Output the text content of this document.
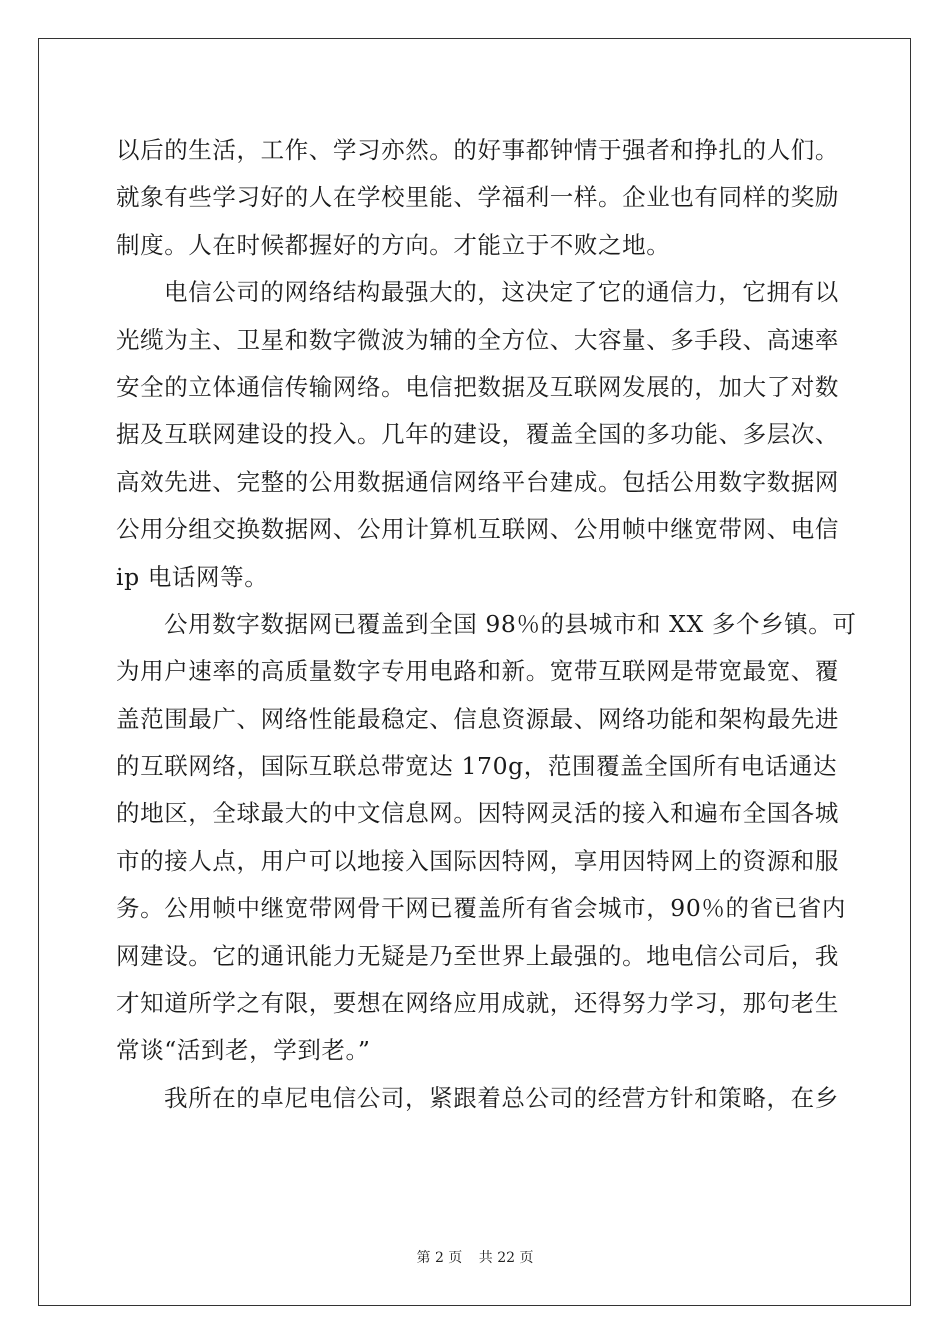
以后的生活，工作、学习亦然。的好事都钟情于强者和挣扎的人们。
就象有些学习好的人在学校里能、学福利一样。企业也有同样的奖励
制度。人在时候都握好的方向。才能立于不败之地。
电信公司的网络结构最强大的，这决定了它的通信力，它拥有以
光缆为主、卫星和数字微波为辅的全方位、大容量、多手段、高速率
安全的立体通信传输网络。电信把数据及互联网发展的，加大了对数
据及互联网建设的投入。几年的建设，覆盖全国的多功能、多层次、
高效先进、完整的公用数据通信网络平台建成。包括公用数字数据网
公用分组交换数据网、公用计算机互联网、公用帧中继宽带网、电信
ip 电话网等。
公用数字数据网已覆盖到全国 98％的县城市和 XX 多个乡镇。可
为用户速率的高质量数字专用电路和新。宽带互联网是带宽最宽、覆
盖范围最广、网络性能最稳定、信息资源最、网络功能和架构最先进
的互联网络，国际互联总带宽达 170g，范围覆盖全国所有电话通达
的地区，全球最大的中文信息网。因特网灵活的接入和遍布全国各城
市的接人点，用户可以地接入国际因特网，享用因特网上的资源和服
务。公用帧中继宽带网骨干网已覆盖所有省会城市，90％的省已省内
网建设。它的通讯能力无疑是乃至世界上最强的。地电信公司后，我
才知道所学之有限，要想在网络应用成就，还得努力学习，那句老生
常谈“活到老，学到老。”
我所在的卓尼电信公司，紧跟着总公司的经营方针和策略，在乡
第 2 页 共 22 页
